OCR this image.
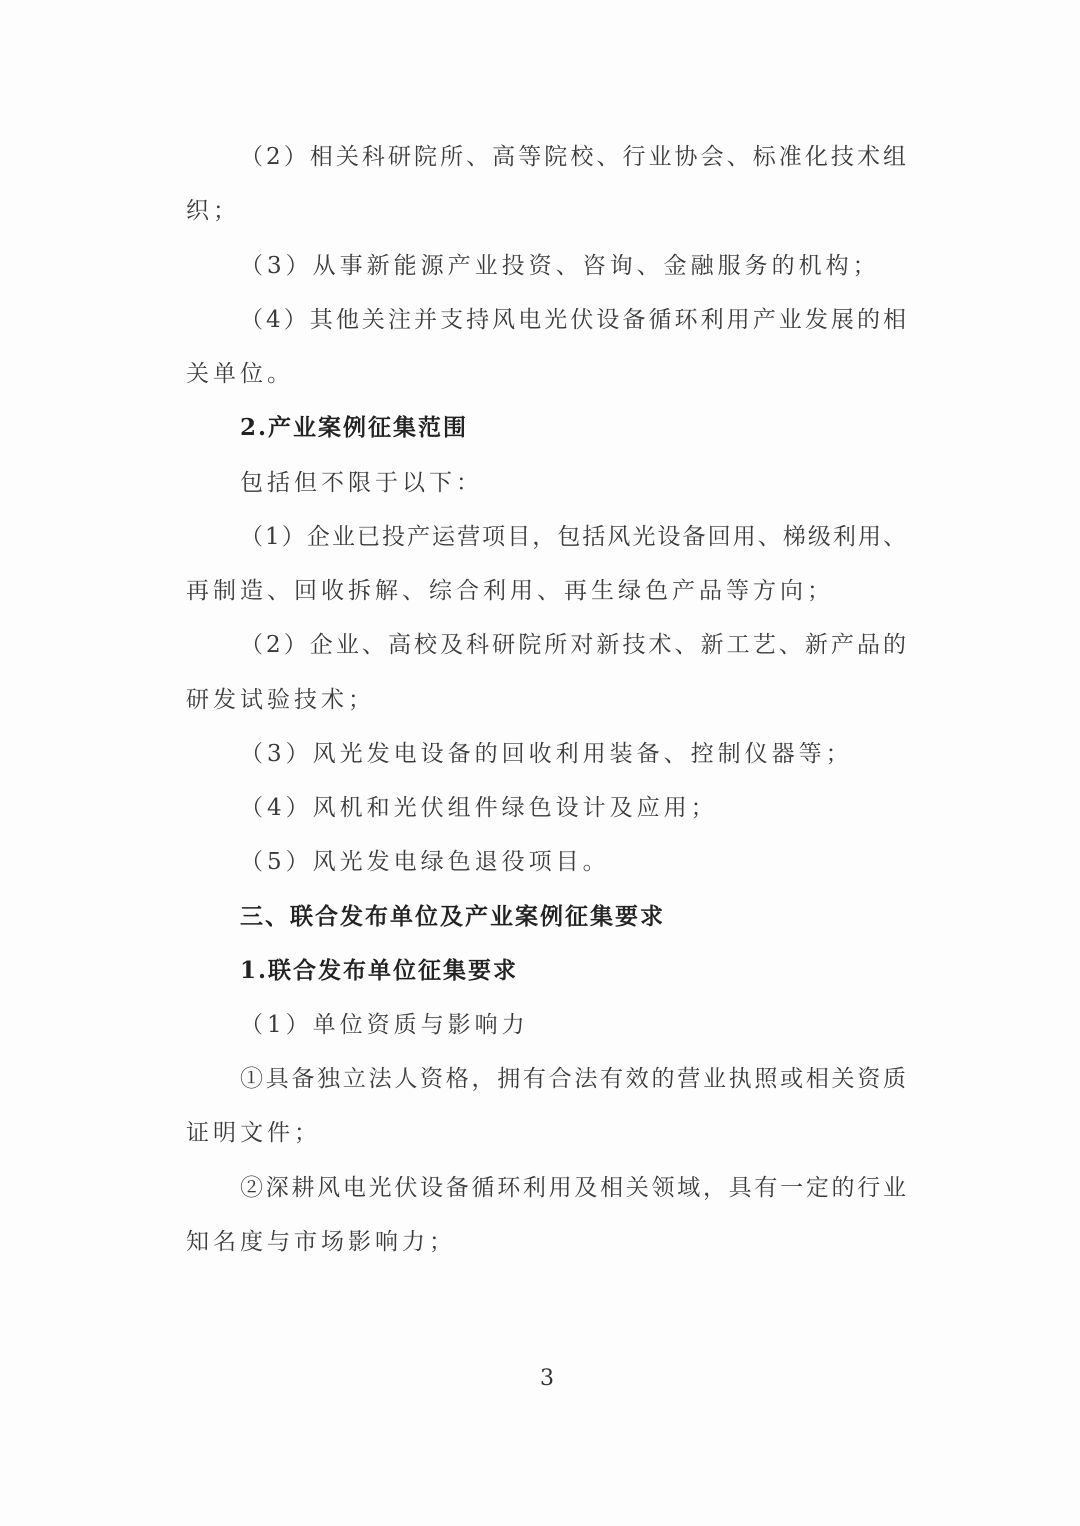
（2）相关科研院所、高等院校、行业协会、标准化技术组
织；
（3）从事新能源产业投资、咨询、金融服务的机构；
（4）其他关注并支持风电光伏设备循环利用产业发展的相
关单位。
2.产业案例征集范围
包括但不限于以下：
（1）企业已投产运营项目，包括风光设备回用、梯级利用、
再制造、回收拆解、综合利用、再生绿色产品等方向；
（2）企业、高校及科研院所对新技术、新工艺、新产品的
研发试验技术；
（3）风光发电设备的回收利用装备、控制仪器等；
（4）风机和光伏组件绿色设计及应用；
（5）风光发电绿色退役项目。
三、联合发布单位及产业案例征集要求
1.联合发布单位征集要求
（1）单位资质与影响力
①具备独立法人资格，拥有合法有效的营业执照或相关资质
证明文件；
②深耕风电光伏设备循环利用及相关领域，具有一定的行业
知名度与市场影响力；
3
